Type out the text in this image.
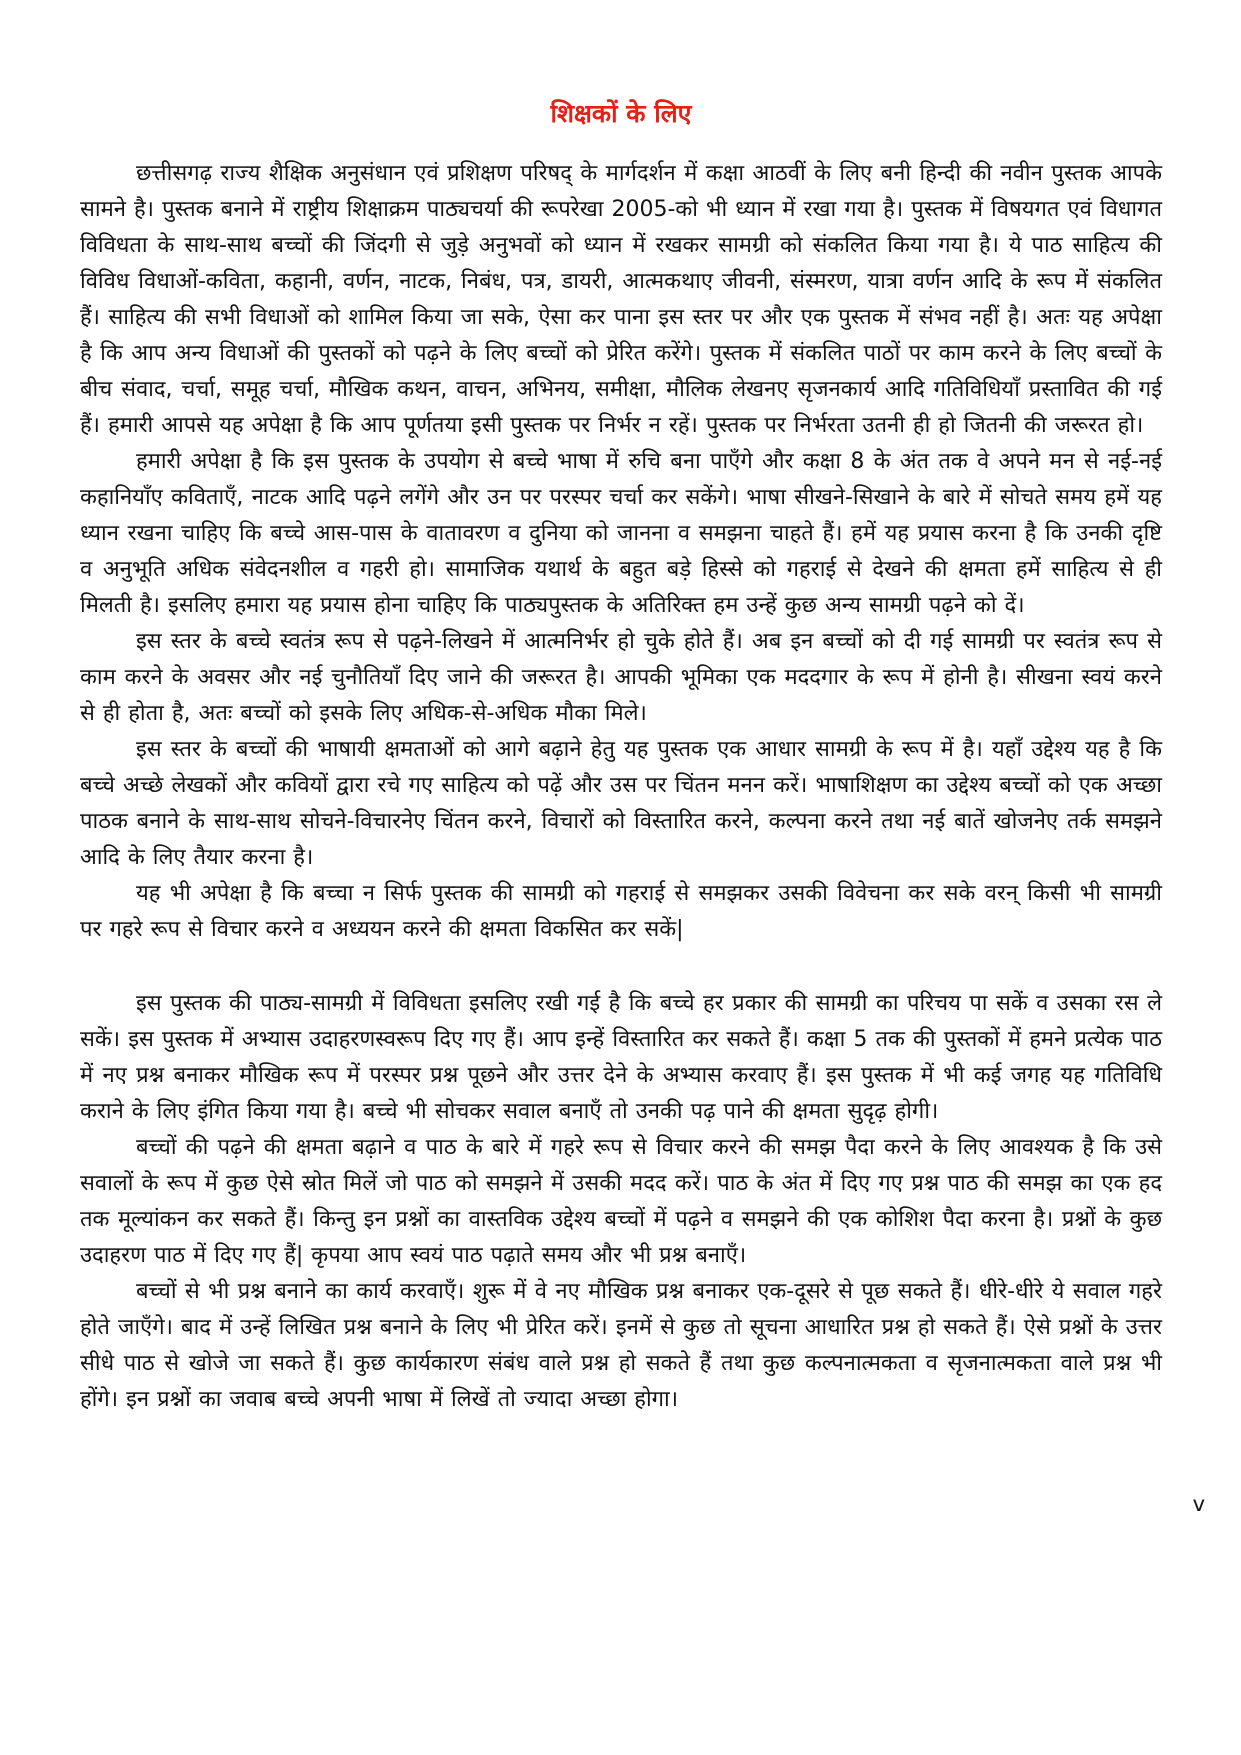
शिक्षकों के लिए

छत्तीसगढ़ राज्य शैक्षिक अनुसंधान एवं प्रशिक्षण परिषद् के मार्गदर्शन में कक्षा आठवीं के लिए बनी हिन्दी की नवीन पुस्तक आपके सामने है। पुस्तक बनाने में राष्ट्रीय शिक्षाक्रम पाठ्यचर्या की रूपरेखा 2005-को भी ध्यान में रखा गया है। पुस्तक में विषयगत एवं विधागत विविधता के साथ-साथ बच्चों की जिंदगी से जुड़े अनुभवों को ध्यान में रखकर सामग्री को संकलित किया गया है। ये पाठ साहित्य की विविध विधाओं-कविता, कहानी, वर्णन, नाटक, निबंध, पत्र, डायरी, आत्मकथाए जीवनी, संस्मरण, यात्रा वर्णन आदि के रूप में संकलित हैं। साहित्य की सभी विधाओं को शामिल किया जा सके, ऐसा कर पाना इस स्तर पर और एक पुस्तक में संभव नहीं है। अतः यह अपेक्षा है कि आप अन्य विधाओं की पुस्तकों को पढ़ने के लिए बच्चों को प्रेरित करेंगे। पुस्तक में संकलित पाठों पर काम करने के लिए बच्चों के बीच संवाद, चर्चा, समूह चर्चा, मौखिक कथन, वाचन, अभिनय, समीक्षा, मौलिक लेखनए सृजनकार्य आदि गतिविधियाँ प्रस्तावित की गई हैं। हमारी आपसे यह अपेक्षा है कि आप पूर्णतया इसी पुस्तक पर निर्भर न रहें। पुस्तक पर निर्भरता उतनी ही हो जितनी की जरूरत हो।

हमारी अपेक्षा है कि इस पुस्तक के उपयोग से बच्चे भाषा में रुचि बना पाएँगे और कक्षा 8 के अंत तक वे अपने मन से नई-नई कहानियाँए कविताएँ, नाटक आदि पढ़ने लगेंगे और उन पर परस्पर चर्चा कर सकेंगे। भाषा सीखने-सिखाने के बारे में सोचते समय हमें यह ध्यान रखना चाहिए कि बच्चे आस-पास के वातावरण व दुनिया को जानना व समझना चाहते हैं। हमें यह प्रयास करना है कि उनकी दृष्टि व अनुभूति अधिक संवेदनशील व गहरी हो। सामाजिक यथार्थ के बहुत बड़े हिस्से को गहराई से देखने की क्षमता हमें साहित्य से ही मिलती है। इसलिए हमारा यह प्रयास होना चाहिए कि पाठ्यपुस्तक के अतिरिक्त हम उन्हें कुछ अन्य सामग्री पढ़ने को दें।

इस स्तर के बच्चे स्वतंत्र रूप से पढ़ने-लिखने में आत्मनिर्भर हो चुके होते हैं। अब इन बच्चों को दी गई सामग्री पर स्वतंत्र रूप से काम करने के अवसर और नई चुनौतियाँ दिए जाने की जरूरत है। आपकी भूमिका एक मददगार के रूप में होनी है। सीखना स्वयं करने से ही होता है, अतः बच्चों को इसके लिए अधिक-से-अधिक मौका मिले।

इस स्तर के बच्चों की भाषायी क्षमताओं को आगे बढ़ाने हेतु यह पुस्तक एक आधार सामग्री के रूप में है। यहाँ उद्देश्य यह है कि बच्चे अच्छे लेखकों और कवियों द्वारा रचे गए साहित्य को पढ़ें और उस पर चिंतन मनन करें। भाषाशिक्षण का उद्देश्य बच्चों को एक अच्छा पाठक बनाने के साथ-साथ सोचने-विचारनेए चिंतन करने, विचारों को विस्तारित करने, कल्पना करने तथा नई बातें खोजनेए तर्क समझने आदि के लिए तैयार करना है।

यह भी अपेक्षा है कि बच्चा न सिर्फ पुस्तक की सामग्री को गहराई से समझकर उसकी विवेचना कर सके वरन् किसी भी सामग्री पर गहरे रूप से विचार करने व अध्ययन करने की क्षमता विकसित कर सकें|

इस पुस्तक की पाठ्य-सामग्री में विविधता इसलिए रखी गई है कि बच्चे हर प्रकार की सामग्री का परिचय पा सकें व उसका रस ले सकें। इस पुस्तक में अभ्यास उदाहरणस्वरूप दिए गए हैं। आप इन्हें विस्तारित कर सकते हैं। कक्षा 5 तक की पुस्तकों में हमने प्रत्येक पाठ में नए प्रश्न बनाकर मौखिक रूप में परस्पर प्रश्न पूछने और उत्तर देने के अभ्यास करवाए हैं। इस पुस्तक में भी कई जगह यह गतिविधि कराने के लिए इंगित किया गया है। बच्चे भी सोचकर सवाल बनाएँ तो उनकी पढ़ पाने की क्षमता सुदृढ़ होगी।

बच्चों की पढ़ने की क्षमता बढ़ाने व पाठ के बारे में गहरे रूप से विचार करने की समझ पैदा करने के लिए आवश्यक है कि उसे सवालों के रूप में कुछ ऐसे स्रोत मिलें जो पाठ को समझने में उसकी मदद करें। पाठ के अंत में दिए गए प्रश्न पाठ की समझ का एक हद तक मूल्यांकन कर सकते हैं। किन्तु इन प्रश्नों का वास्तविक उद्देश्य बच्चों में पढ़ने व समझने की एक कोशिश पैदा करना है। प्रश्नों के कुछ उदाहरण पाठ में दिए गए हैं| कृपया आप स्वयं पाठ पढ़ाते समय और भी प्रश्न बनाएँ।

बच्चों से भी प्रश्न बनाने का कार्य करवाएँ। शुरू में वे नए मौखिक प्रश्न बनाकर एक-दूसरे से पूछ सकते हैं। धीरे-धीरे ये सवाल गहरे होते जाएँगे। बाद में उन्हें लिखित प्रश्न बनाने के लिए भी प्रेरित करें। इनमें से कुछ तो सूचना आधारित प्रश्न हो सकते हैं। ऐसे प्रश्नों के उत्तर सीधे पाठ से खोजे जा सकते हैं। कुछ कार्यकारण संबंध वाले प्रश्न हो सकते हैं तथा कुछ कल्पनात्मकता व सृजनात्मकता वाले प्रश्न भी होंगे। इन प्रश्नों का जवाब बच्चे अपनी भाषा में लिखें तो ज्यादा अच्छा होगा।

v
